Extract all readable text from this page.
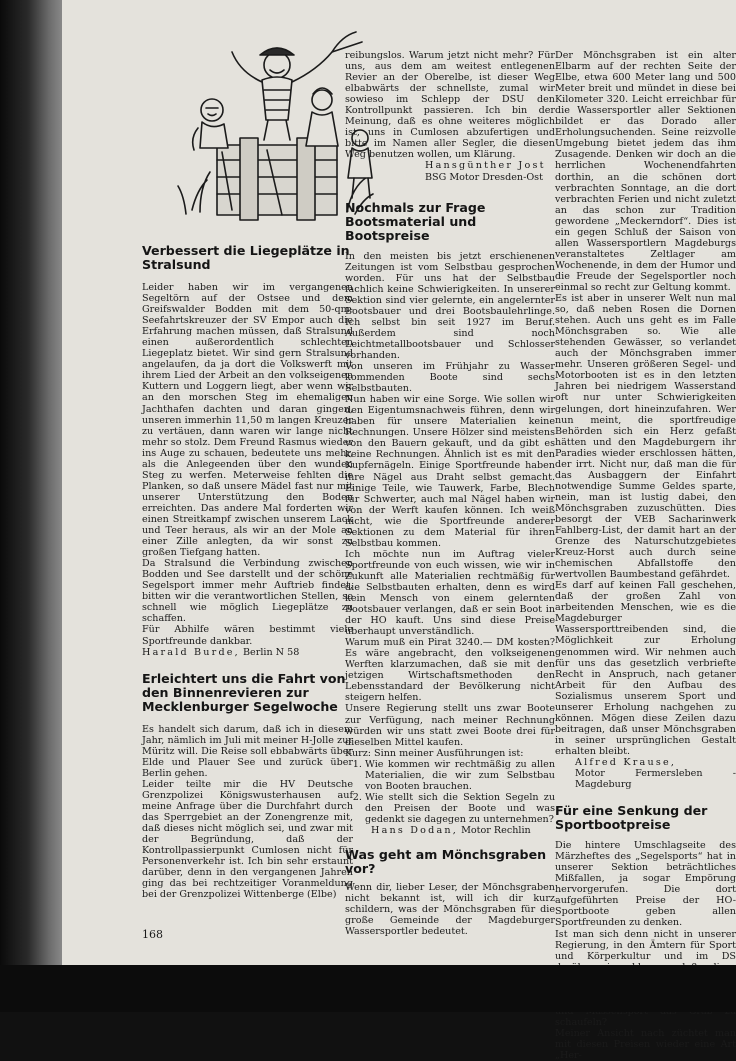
Verbessert die Liegeplätze in Stralsund

Leider haben wir im vergangenen Segeltörn auf der Ostsee und dem Greifswalder Bodden mit dem 50-qm-Seefahrtskreuzer der SV Empor auch die Erfahrung machen müssen, daß Stralsund einen außerordentlich schlechten Liegeplatz bietet. Wir sind gern Stralsund angelaufen, da ja dort die Volkswerft mit ihrem Lied der Arbeit an den volkseigenen Kuttern und Loggern liegt, aber wenn wir an den morschen Steg im ehemaligen Jachthafen dachten und daran gingen, unseren immerhin 11,50 m langen Kreuzer zu vertäuen, dann waren wir lange nicht mehr so stolz. Dem Freund Rasmus wieder ins Auge zu schauen, bedeutete uns mehr, als die Anlegeenden über den wunden Steg zu werfen. Meterweise fehlten die Planken, so daß unsere Mädel fast nur mit unserer Unterstützung den Boden erreichten. Das andere Mal forderten wir einen Streitkampf zwischen unserem Lack und Teer heraus, als wir an der Mole an einer Zille anlegten, da wir sonst zu großen Tiefgang hatten.

Da Stralsund die Verbindung zwischen Bodden und See darstellt und der schöne Segelsport immer mehr Auftrieb findet, bitten wir die verantwortlichen Stellen, so schnell wie möglich Liegeplätze zu schaffen.

Für Abhilfe wären bestimmt viele Sportfreunde dankbar.

Harald Burde, Berlin N 58

Erleichtert uns die Fahrt von den Binnenrevieren zur Mecklenburger Segelwoche

Es handelt sich darum, daß ich in diesem Jahr, nämlich im Juli mit meiner H-Jolle zur Müritz will. Die Reise soll ebbabwärts über Elde und Plauer See und zurück über Berlin gehen.

Leider teilte mir die HV Deutsche Grenzpolizei Königswusterhausen auf meine Anfrage über die Durchfahrt durch das Sperrgebiet an der Zonengrenze mit, daß dieses nicht möglich sei, und zwar mit der Begründung, daß der Kontrollpassierpunkt Cumlosen nicht für Personenverkehr ist. Ich bin sehr erstaunt darüber, denn in den vergangenen Jahren ging das bei rechtzeitiger Voranmeldung bei der Grenzpolizei Wittenberge (Elbe)

reibungslos. Warum jetzt nicht mehr? Für uns, aus dem am weitest entlegenen Revier an der Oberelbe, ist dieser Weg elbabwärts der schnellste, zumal wir sowieso im Schlepp der DSU den Kontrollpunkt passieren. Ich bin der Meinung, daß es ohne weiteres möglich ist, uns in Cumlosen abzufertigen und bitte im Namen aller Segler, die diesen Weg benutzen wollen, um Klärung.

Hansgünther Jost

BSG Motor Dresden-Ost

Nochmals zur Frage Bootsmaterial und Bootspreise

In den meisten bis jetzt erschienenen Zeitungen ist vom Selbstbau gesprochen worden. Für uns hat der Selbstbau fachlich keine Schwierigkeiten. In unserer Sektion sind vier gelernte, ein angelernter Bootsbauer und drei Bootsbaulehrlinge. Ich selbst bin seit 1927 im Beruf. Außerdem sind noch Leichtmetallbootsbauer und Schlosser vorhanden.

Von unseren im Frühjahr zu Wasser kommenden Boote sind sechs Selbstbauten.

Nun haben wir eine Sorge. Wie sollen wir den Eigentumsnachweis führen, denn wir haben für unsere Materialien keine Rechnungen. Unsere Hölzer sind meistens von den Bauern gekauft, und da gibt es keine Rechnungen. Ähnlich ist es mit den Kupfernägeln. Einige Sportfreunde haben ihre Nägel aus Draht selbst gemacht. Einige Teile, wie Tauwerk, Farbe, Blech für Schwerter, auch mal Nägel haben wir von der Werft kaufen können. Ich weiß nicht, wie die Sportfreunde anderer Sektionen zu dem Material für ihren Selbstbau kommen.

Ich möchte nun im Auftrag vieler Sportfreunde von euch wissen, wie wir in Zukunft alle Materialien rechtmäßig für die Selbstbauten erhalten, denn es wird kein Mensch von einem gelernten Bootsbauer verlangen, daß er sein Boot in der HO kauft. Uns sind diese Preise überhaupt unverständlich.

Warum muß ein Pirat 3240.— DM kosten? Es wäre angebracht, den volkseigenen Werften klarzumachen, daß sie mit den jetzigen Wirtschaftsmethoden den Lebensstandard der Bevölkerung nicht steigern helfen.

Unsere Regierung stellt uns zwar Boote zur Verfügung, nach meiner Rechnung würden wir uns statt zwei Boote drei für dieselben Mittel kaufen.

Kurz: Sinn meiner Ausführungen ist:

1. Wie kommen wir rechtmäßig zu allen Materialien, die wir zum Selbstbau von Booten brauchen.
2. Wie stellt sich die Sektion Segeln zu den Preisen der Boote und was gedenkt sie dagegen zu unternehmen?

Hans Dodan, Motor Rechlin

Was geht am Mönchsgraben vor?

Wenn dir, lieber Leser, der Mönchsgraben nicht bekannt ist, will ich dir kurz schildern, was der Mönchsgraben für die große Gemeinde der Magdeburger Wassersportler bedeutet.

Der Mönchsgraben ist ein alter Elbarm auf der rechten Seite der Elbe, etwa 600 Meter lang und 500 Meter breit und mündet in diese bei Kilometer 320. Leicht erreichbar für die Wassersportler aller Sektionen bildet er das Dorado aller Erholungsuchenden. Seine reizvolle Umgebung bietet jedem das ihm Zusagende. Denken wir doch an die herrlichen Wochenendfahrten dorthin, an die schönen dort verbrachten Sonntage, an die dort verbrachten Ferien und nicht zuletzt an das schon zur Tradition gewordene „Meckerndorf“. Dies ist ein gegen Schluß der Saison von allen Wassersportlern Magdeburgs veranstaltetes Zeltlager am Wochenende, in dem der Humor und die Freude der Segelsportler noch einmal so recht zur Geltung kommt.

Es ist aber in unserer Welt nun mal so, daß neben Rosen die Dornen stehen. Auch uns geht es im Falle Mönchsgraben so. Wie alle stehenden Gewässer, so verlandet auch der Mönchsgraben immer mehr. Unseren größeren Segel- und Motorbooten ist es in den letzten Jahren bei niedrigem Wasserstand oft nur unter Schwierigkeiten gelungen, dort hineinzufahren. Wer nun meint, die sportfreudige Behörden sich ein Herz gefaßt hätten und den Magdeburgern ihr Paradies wieder erschlossen hätten, der irrt. Nicht nur, daß man die für das Ausbaggern der Einfahrt notwendige Summe Geldes sparte, nein, man ist lustig dabei, den Mönchsgraben zuzuschütten. Dies besorgt der VEB Sacharinwerk Fahlberg-List, der damit hart an der Grenze des Naturschutzgebietes Kreuz-Horst auch durch seine chemischen Abfallstoffe den wertvollen Baumbestand gefährdet.

Es darf auf keinen Fall geschehen, daß der großen Zahl von arbeitenden Menschen, wie es die Magdeburger Wassersporttreibenden sind, die Möglichkeit zur Erholung genommen wird. Wir nehmen auch für uns das gesetzlich verbriefte Recht in Anspruch, nach getaner Arbeit für den Aufbau des Sozialismus unserem Sport und unserer Erholung nachgehen zu können. Mögen diese Zeilen dazu beitragen, daß unser Mönchsgraben in seiner ursprünglichen Gestalt erhalten bleibt.

Alfred Krause,

Motor Fermersleben - Magdeburg

Für eine Senkung der Sportbootpreise

Die hintere Umschlagseite des Märzheftes des „Segelsports“ hat in unserer Sektion beträchtliches Mißfallen, ja sogar Empörung hervorgerufen. Die dort aufgeführten Preise der HO-Sportboote geben allen Sportfreunden zu denken.

Ist man sich denn nicht in unserer Regierung, in den Ämtern für Sport und Körperkultur und im DS schaufeln?

Meiner Ansicht nach züchtet man mit diesen Preisen wieder eine Art „Her-

168
